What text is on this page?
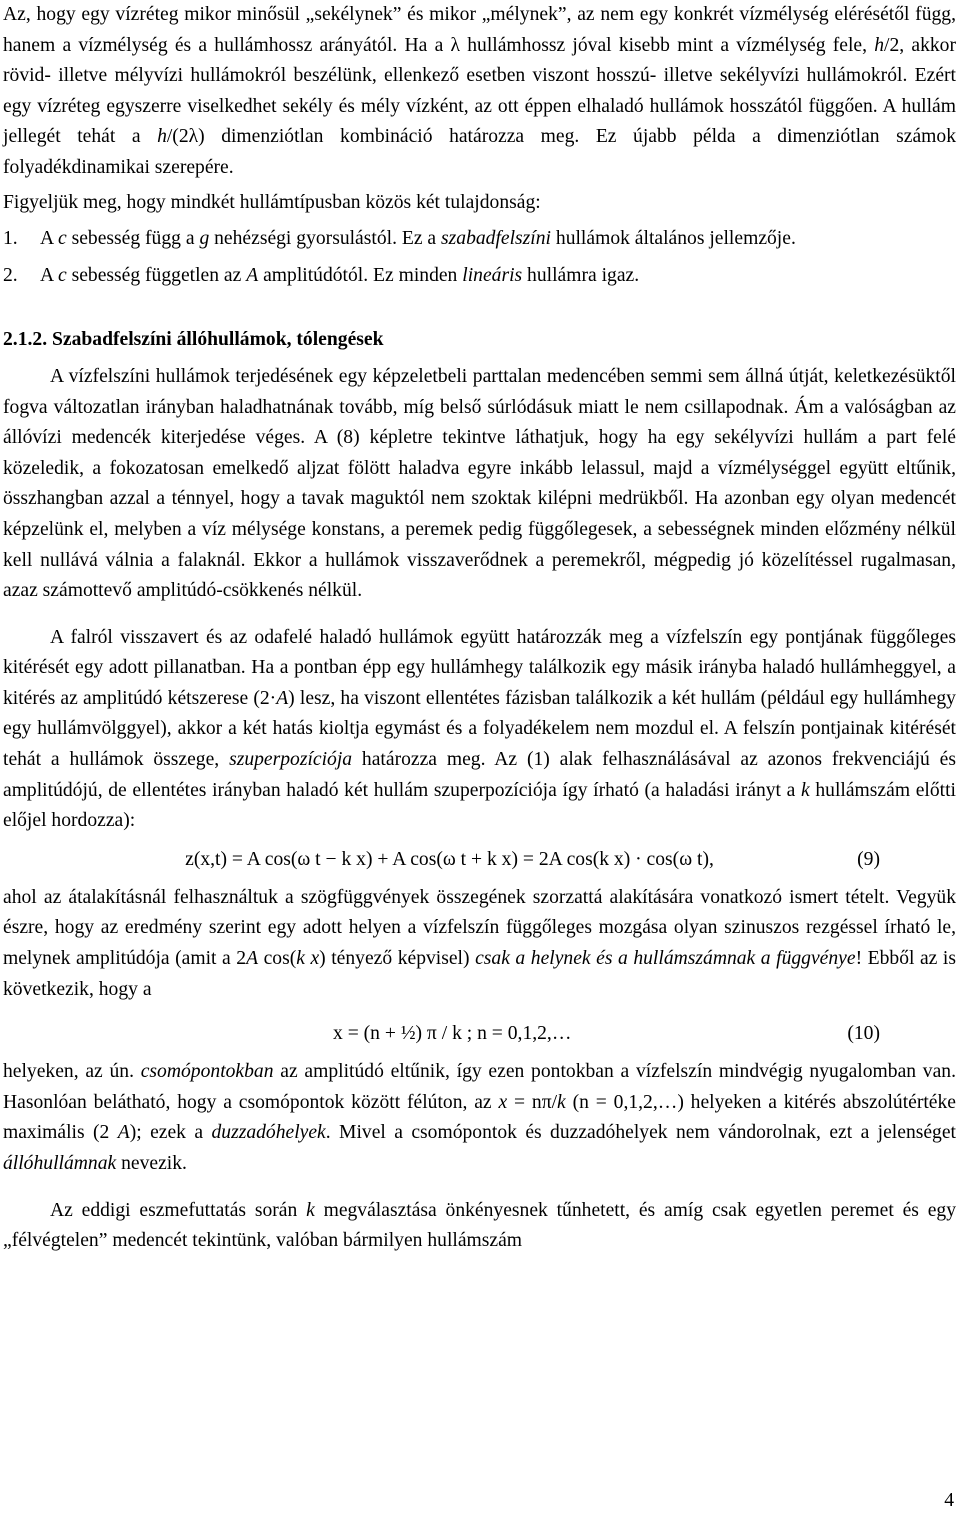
Az, hogy egy vízréteg mikor minősül „sekélynek” és mikor „mélynek”, az nem egy konkrét vízmélység elérésétől függ, hanem a vízmélység és a hullámhossz arányától. Ha a λ hullámhossz jóval kisebb mint a vízmélység fele, h/2, akkor rövid- illetve mélyvízi hullámokról beszélünk, ellenkező esetben viszont hosszú- illetve sekélyvízi hullámokról. Ezért egy vízréteg egyszerre viselkedhet sekély és mély vízként, az ott éppen elhaladó hullámok hosszától függően. A hullám jellegét tehát a h/(2λ) dimenziótlan kombináció határozza meg. Ez újabb példa a dimenziótlan számok folyadékdinamikai szerepére.

Figyeljük meg, hogy mindkét hullámtípusban közös két tulajdonság:

1. A c sebesség függ a g nehézségi gyorsulástól. Ez a szabadfelszíni hullámok általános jellemzője.
2. A c sebesség független az A amplitúdótól. Ez minden lineáris hullámra igaz.
2.1.2. Szabadfelszíni állóhullámok, tólengések

A vízfelszíni hullámok terjedésének egy képzeletbeli parttalan medencében semmi sem állná útját, keletkezésüktől fogva változatlan irányban haladhatnának tovább, míg belső súrlódásuk miatt le nem csillapodnak. Ám a valóságban az állóvízi medencék kiterjedése véges. A (8) képletre tekintve láthatjuk, hogy ha egy sekélyvízi hullám a part felé közeledik, a fokozatosan emelkedő aljzat fölött haladva egyre inkább lelassul, majd a vízmélységgel együtt eltűnik, összhangban azzal a ténnyel, hogy a tavak maguktól nem szoktak kilépni medrükből. Ha azonban egy olyan medencét képzelünk el, melyben a víz mélysége konstans, a peremek pedig függőlegesek, a sebességnek minden előzmény nélkül kell nullává válnia a falaknál. Ekkor a hullámok visszaverődnek a peremekről, mégpedig jó közelítéssel rugalmasan, azaz számottevő amplitúdó-csökkenés nélkül.

A falról visszavert és az odafelé haladó hullámok együtt határozzák meg a vízfelszín egy pontjának függőleges kitérését egy adott pillanatban. Ha a pontban épp egy hullámhegy találkozik egy másik irányba haladó hullámheggyel, a kitérés az amplitúdó kétszerese (2·A) lesz, ha viszont ellentétes fázisban találkozik a két hullám (például egy hullámhegy egy hullámvölggyel), akkor a két hatás kioltja egymást és a folyadékelem nem mozdul el. A felszín pontjainak kitérését tehát a hullámok összege, szuperpozíciója határozza meg. Az (1) alak felhasználásával az azonos frekvenciájú és amplitúdójú, de ellentétes irányban haladó két hullám szuperpozíciója így írható (a haladási irányt a k hullámszám előtti előjel hordozza):

z(x,t) = A cos(ω t − k x) + A cos(ω t + k x) = 2A cos(k x) · cos(ω t),	(9)

ahol az átalakításnál felhasználtuk a szögfüggvények összegének szorzattá alakítására vonatkozó ismert tételt. Vegyük észre, hogy az eredmény szerint egy adott helyen a vízfelszín függőleges mozgása olyan szinuszos rezgéssel írható le, melynek amplitúdója (amit a 2A cos(k x) tényező képvisel) csak a helynek és a hullámszámnak a függvénye! Ebből az is következik, hogy a

x = (n + ½) π / k ; n = 0,1,2,…	(10)

helyeken, az ún. csomópontokban az amplitúdó eltűnik, így ezen pontokban a vízfelszín mindvégig nyugalomban van. Hasonlóan belátható, hogy a csomópontok között félúton, az x = nπ/k (n = 0,1,2,…) helyeken a kitérés abszolútértéke maximális (2 A); ezek a duzzadóhelyek. Mivel a csomópontok és duzzadóhelyek nem vándorolnak, ezt a jelenséget állóhullámnak nevezik.

Az eddigi eszmefuttatás során k megválasztása önkényesnek tűnhetett, és amíg csak egyetlen peremet és egy „félvégtelen” medencét tekintünk, valóban bármilyen hullámszám

4
